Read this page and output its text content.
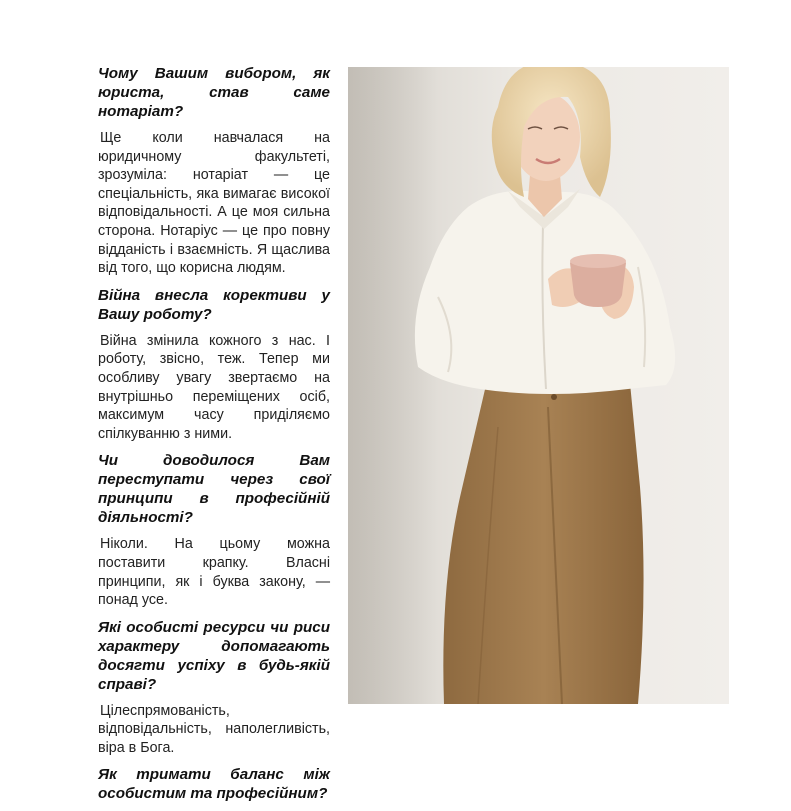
Чому Вашим вибором, як юриста, став саме нотаріат?

Ще коли навчалася на юридичному факультеті, зрозуміла: нотаріат — це спеціальність, яка вимагає високої відповідальності. А це моя сильна сторона. Нотаріус — це про повну відданість і взаємність. Я щаслива від того, що корисна людям.

Війна внесла корективи у Вашу роботу?

Війна змінила кожного з нас. І роботу, звісно, теж. Тепер ми особливу увагу звертаємо на внутрішньо переміщених осіб, максимум часу приділяємо спілкуванню з ними.

Чи доводилося Вам переступати через свої принципи в професійній діяльності?

Ніколи. На цьому можна поставити крапку. Власні принципи, як і буква закону, — понад усе.

Які особисті ресурси чи риси характеру допомагають досягти успіху в будь-якій справі?

Цілеспрямованість, відповідальність, наполегливість, віра в Бога.

Як тримати баланс між особистим та професійним?
